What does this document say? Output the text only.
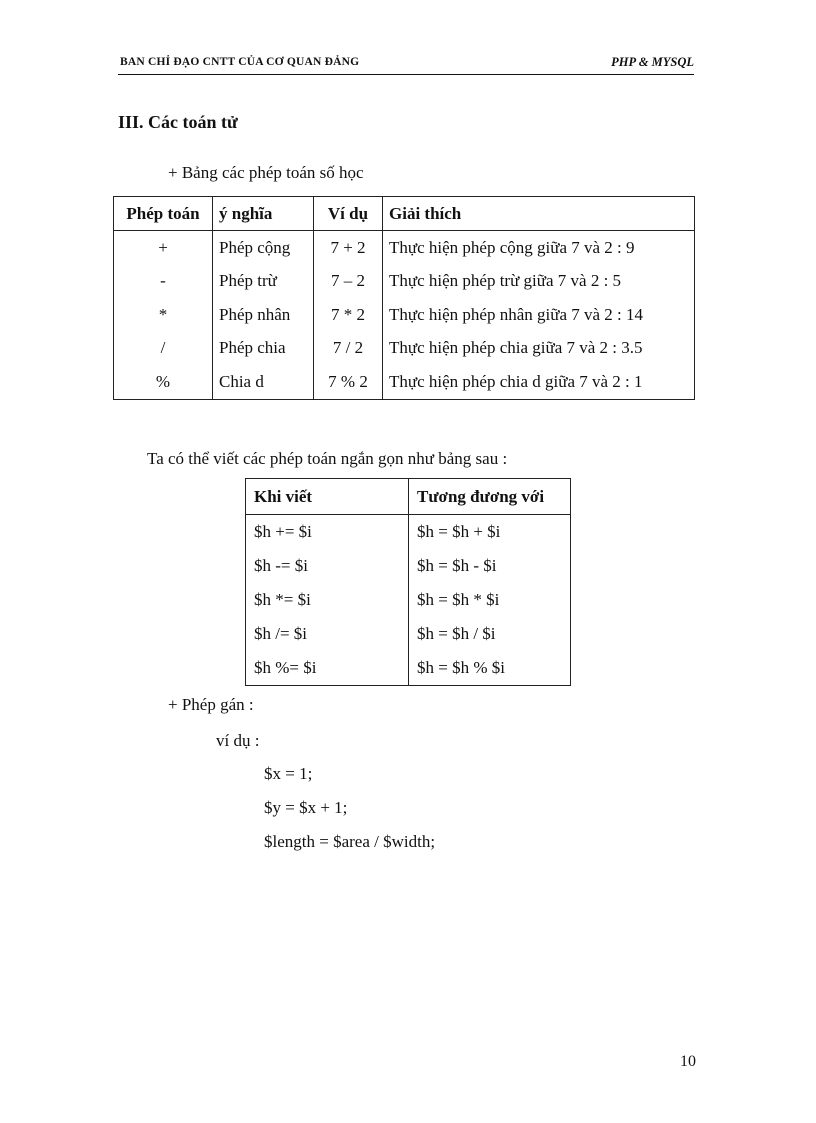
BAN CHỈ ĐẠO CNTT CỦA CƠ QUAN ĐẢNG	PHP & MYSQL
III. Các toán tử
+ Bảng các phép toán số học
Phép toán	ý nghĩa	Ví dụ	Giải thích
+	Phép cộng	7 + 2	Thực hiện phép cộng giữa 7 và 2 : 9
-	Phép trừ	7 – 2	Thực hiện phép trừ giữa 7 và 2 : 5
*	Phép nhân	7 * 2	Thực hiện phép nhân giữa 7 và 2 : 14
/	Phép chia	7 / 2	Thực hiện phép chia giữa 7 và 2 : 3.5
%	Chia d	7 % 2	Thực hiện phép chia d giữa 7 và 2 : 1
Ta có thể viết các phép toán ngắn gọn như bảng sau :
Khi viết	Tương đương với
$h += $i	$h = $h + $i
$h -= $i	$h = $h - $i
$h *= $i	$h = $h * $i
$h /= $i	$h = $h / $i
$h %= $i	$h = $h % $i
+ Phép gán :
ví dụ :
$x = 1;
$y = $x + 1;
$length = $area / $width;
10
